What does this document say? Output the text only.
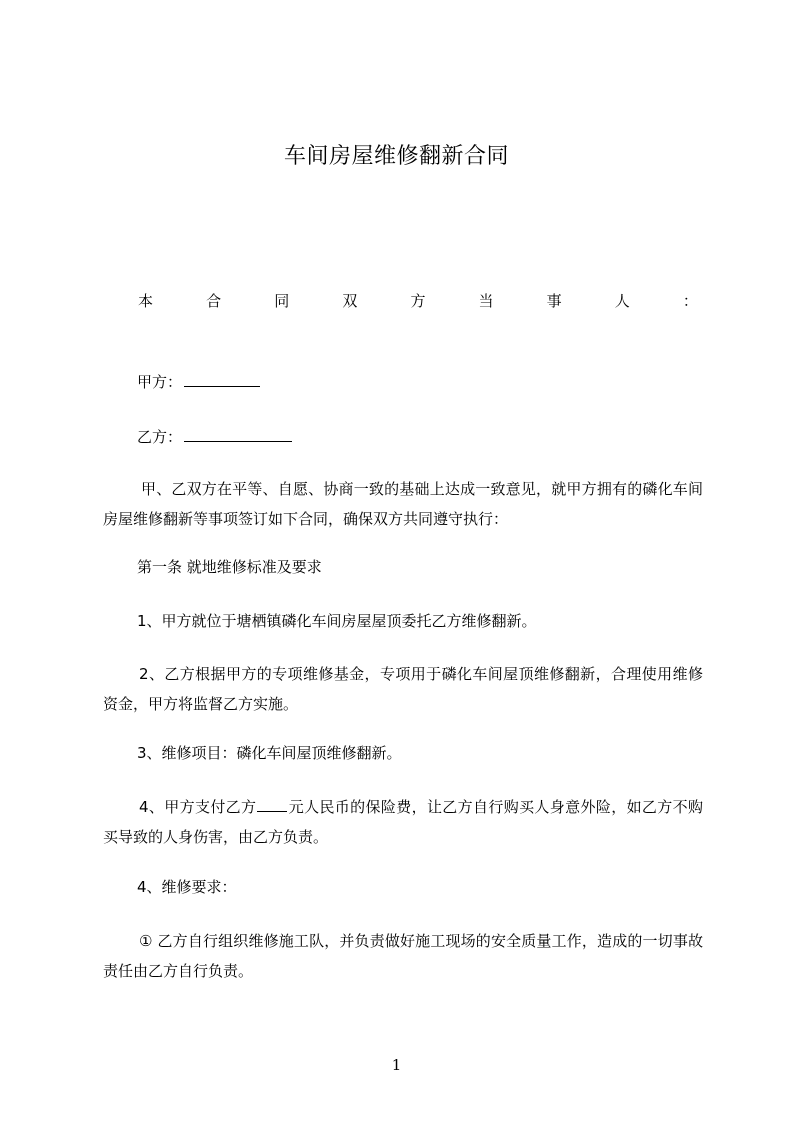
车间房屋维修翻新合同
本	合	同	双	方	当	事	人	：
甲方：
乙方：
甲、乙双方在平等、自愿、协商一致的基础上达成一致意见，就甲方拥有的磷化车间房屋维修翻新等事项签订如下合同，确保双方共同遵守执行：
第一条 就地维修标准及要求
1、甲方就位于塘栖镇磷化车间房屋屋顶委托乙方维修翻新。
2、乙方根据甲方的专项维修基金，专项用于磷化车间屋顶维修翻新，合理使用维修资金，甲方将监督乙方实施。
3、维修项目：磷化车间屋顶维修翻新。
4、甲方支付乙方 元人民币的保险费，让乙方自行购买人身意外险，如乙方不购买导致的人身伤害，由乙方负责。
4、维修要求：
① 乙方自行组织维修施工队，并负责做好施工现场的安全质量工作，造成的一切事故责任由乙方自行负责。
1
